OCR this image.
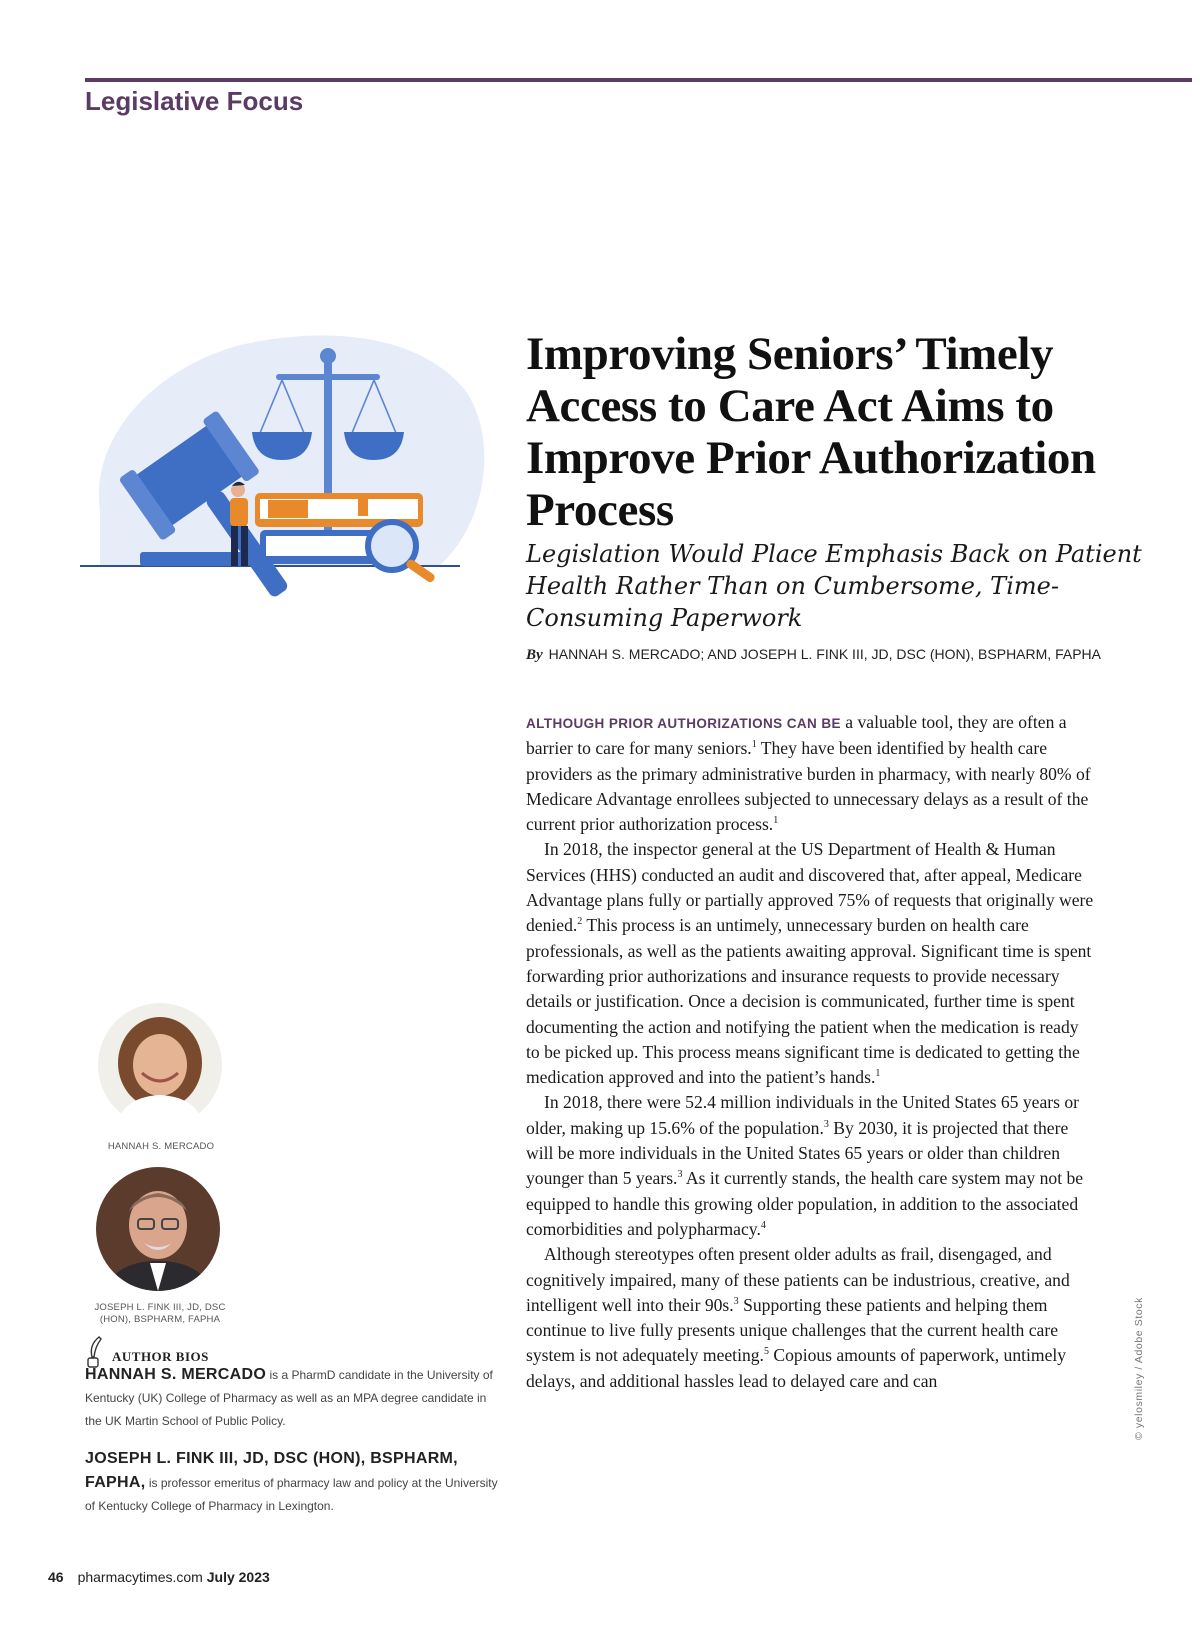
Legislative Focus
Improving Seniors’ Timely Access to Care Act Aims to Improve Prior Authorization Process

Legislation Would Place Emphasis Back on Patient Health Rather Than on Cumbersome, Time-Consuming Paperwork

By HANNAH S. MERCADO; AND JOSEPH L. FINK III, JD, DSC (HON), BSPHARM, FAPHA

ALTHOUGH PRIOR AUTHORIZATIONS CAN BE a valuable tool, they are often a barrier to care for many seniors.$^1$ They have been identified by health care providers as the primary administrative burden in pharmacy, with nearly 80% of Medicare Advantage enrollees subjected to unnecessary delays as a result of the current prior authorization process.$^1$

In 2018, the inspector general at the US Department of Health & Human Services (HHS) conducted an audit and discovered that, after appeal, Medicare Advantage plans fully or partially approved 75% of requests that originally were denied.$^2$ This process is an untimely, unnecessary burden on health care professionals, as well as the patients awaiting approval. Significant time is spent forwarding prior authorizations and insurance requests to provide necessary details or justification. Once a decision is communicated, further time is spent documenting the action and notifying the patient when the medication is ready to be picked up. This process means significant time is dedicated to getting the medication approved and into the patient’s hands.$^1$

In 2018, there were 52.4 million individuals in the United States 65 years or older, making up 15.6% of the population.$^3$ By 2030, it is projected that there will be more individuals in the United States 65 years or older than children younger than 5 years.$^3$ As it currently stands, the health care system may not be equipped to handle this growing older population, in addition to the associated comorbidities and polypharmacy.$^4$

Although stereotypes often present older adults as frail, disengaged, and cognitively impaired, many of these patients can be industrious, creative, and intelligent well into their 90s.$^3$ Supporting these patients and helping them continue to live fully presents unique challenges that the current health care system is not adequately meeting.$^5$ Copious amounts of paperwork, untimely delays, and additional hassles lead to delayed care and can

HANNAH S. MERCADO
JOSEPH L. FINK III, JD, DSC (HON), BSPHARM, FAPHA
AUTHOR BIOS
HANNAH S. MERCADO is a PharmD candidate in the University of Kentucky (UK) College of Pharmacy as well as an MPA degree candidate in the UK Martin School of Public Policy.
JOSEPH L. FINK III, JD, DSC (HON), BSPHARM, FAPHA, is professor emeritus of pharmacy law and policy at the University of Kentucky College of Pharmacy in Lexington.
© yelosmiley / Adobe Stock
46 pharmacytimes.com July 2023
